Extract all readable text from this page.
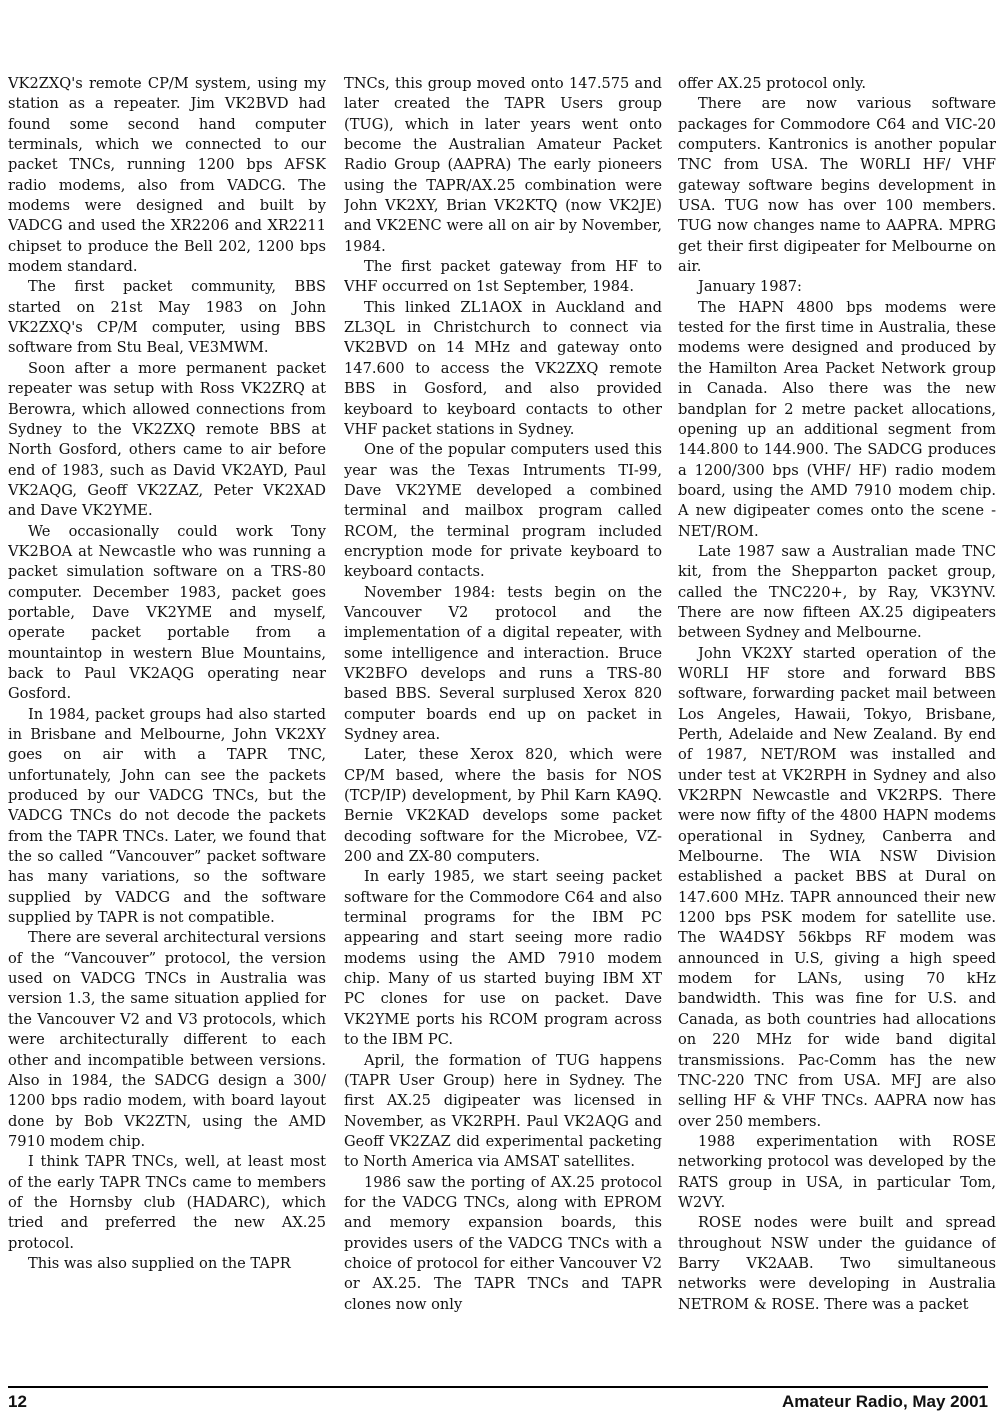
VK2ZXQ's remote CP/M system, using my station as a repeater. Jim VK2BVD had found some second hand computer terminals, which we connected to our packet TNCs, running 1200 bps AFSK radio modems, also from VADCG. The modems were designed and built by VADCG and used the XR2206 and XR2211 chipset to produce the Bell 202, 1200 bps modem standard.

The first packet community, BBS started on 21st May 1983 on John VK2ZXQ's CP/M computer, using BBS software from Stu Beal, VE3MWM.

Soon after a more permanent packet repeater was setup with Ross VK2ZRQ at Berowra, which allowed connections from Sydney to the VK2ZXQ remote BBS at North Gosford, others came to air before end of 1983, such as David VK2AYD, Paul VK2AQG, Geoff VK2ZAZ, Peter VK2XAD and Dave VK2YME.

We occasionally could work Tony VK2BOA at Newcastle who was running a packet simulation software on a TRS-80 computer. December 1983, packet goes portable, Dave VK2YME and myself, operate packet portable from a mountaintop in western Blue Mountains, back to Paul VK2AQG operating near Gosford.

In 1984, packet groups had also started in Brisbane and Melbourne, John VK2XY goes on air with a TAPR TNC, unfortunately, John can see the packets produced by our VADCG TNCs, but the VADCG TNCs do not decode the packets from the TAPR TNCs. Later, we found that the so called “Vancouver” packet software has many variations, so the software supplied by VADCG and the software supplied by TAPR is not compatible.

There are several architectural versions of the “Vancouver” protocol, the version used on VADCG TNCs in Australia was version 1.3, the same situation applied for the Vancouver V2 and V3 protocols, which were architecturally different to each other and incompatible between versions. Also in 1984, the SADCG design a 300/ 1200 bps radio modem, with board layout done by Bob VK2ZTN, using the AMD 7910 modem chip.

I think TAPR TNCs, well, at least most of the early TAPR TNCs came to members of the Hornsby club (HADARC), which tried and preferred the new AX.25 protocol.

This was also supplied on the TAPR

TNCs, this group moved onto 147.575 and later created the TAPR Users group (TUG), which in later years went onto become the Australian Amateur Packet Radio Group (AAPRA) The early pioneers using the TAPR/AX.25 combination were John VK2XY, Brian VK2KTQ (now VK2JE) and VK2ENC were all on air by November, 1984.

The first packet gateway from HF to VHF occurred on 1st September, 1984.

This linked ZL1AOX in Auckland and ZL3QL in Christchurch to connect via VK2BVD on 14 MHz and gateway onto 147.600 to access the VK2ZXQ remote BBS in Gosford, and also provided keyboard to keyboard contacts to other VHF packet stations in Sydney.

One of the popular computers used this year was the Texas Intruments TI-99, Dave VK2YME developed a combined terminal and mailbox program called RCOM, the terminal program included encryption mode for private keyboard to keyboard contacts.

November 1984: tests begin on the Vancouver V2 protocol and the implementation of a digital repeater, with some intelligence and interaction. Bruce VK2BFO develops and runs a TRS-80 based BBS. Several surplused Xerox 820 computer boards end up on packet in Sydney area.

Later, these Xerox 820, which were CP/M based, where the basis for NOS (TCP/IP) development, by Phil Karn KA9Q. Bernie VK2KAD develops some packet decoding software for the Microbee, VZ-200 and ZX-80 computers.

In early 1985, we start seeing packet software for the Commodore C64 and also terminal programs for the IBM PC appearing and start seeing more radio modems using the AMD 7910 modem chip. Many of us started buying IBM XT PC clones for use on packet. Dave VK2YME ports his RCOM program across to the IBM PC.

April, the formation of TUG happens (TAPR User Group) here in Sydney. The first AX.25 digipeater was licensed in November, as VK2RPH. Paul VK2AQG and Geoff VK2ZAZ did experimental packeting to North America via AMSAT satellites.

1986 saw the porting of AX.25 protocol for the VADCG TNCs, along with EPROM and memory expansion boards, this provides users of the VADCG TNCs with a choice of protocol for either Vancouver V2 or AX.25. The TAPR TNCs and TAPR clones now only

offer AX.25 protocol only.

There are now various software packages for Commodore C64 and VIC-20 computers. Kantronics is another popular TNC from USA. The W0RLI HF/ VHF gateway software begins development in USA. TUG now has over 100 members. TUG now changes name to AAPRA. MPRG get their first digipeater for Melbourne on air.

January 1987:

The HAPN 4800 bps modems were tested for the first time in Australia, these modems were designed and produced by the Hamilton Area Packet Network group in Canada. Also there was the new bandplan for 2 metre packet allocations, opening up an additional segment from 144.800 to 144.900. The SADCG produces a 1200/300 bps (VHF/ HF) radio modem board, using the AMD 7910 modem chip. A new digipeater comes onto the scene - NET/ROM.

Late 1987 saw a Australian made TNC kit, from the Shepparton packet group, called the TNC220+, by Ray, VK3YNV. There are now fifteen AX.25 digipeaters between Sydney and Melbourne.

John VK2XY started operation of the W0RLI HF store and forward BBS software, forwarding packet mail between Los Angeles, Hawaii, Tokyo, Brisbane, Perth, Adelaide and New Zealand. By end of 1987, NET/ROM was installed and under test at VK2RPH in Sydney and also VK2RPN Newcastle and VK2RPS. There were now fifty of the 4800 HAPN modems operational in Sydney, Canberra and Melbourne. The WIA NSW Division established a packet BBS at Dural on 147.600 MHz. TAPR announced their new 1200 bps PSK modem for satellite use. The WA4DSY 56kbps RF modem was announced in U.S, giving a high speed modem for LANs, using 70 kHz bandwidth. This was fine for U.S. and Canada, as both countries had allocations on 220 MHz for wide band digital transmissions. Pac-Comm has the new TNC-220 TNC from USA. MFJ are also selling HF & VHF TNCs. AAPRA now has over 250 members.

1988 experimentation with ROSE networking protocol was developed by the RATS group in USA, in particular Tom, W2VY.

ROSE nodes were built and spread throughout NSW under the guidance of Barry VK2AAB. Two simultaneous networks were developing in Australia NETROM & ROSE. There was a packet

12	Amateur Radio, May 2001
